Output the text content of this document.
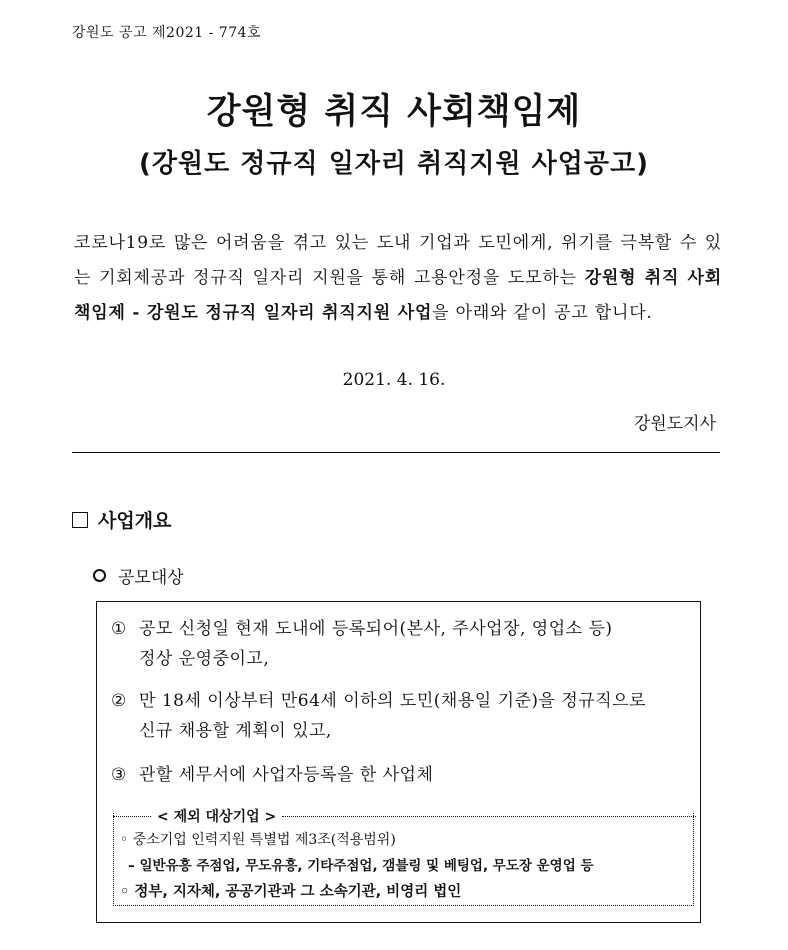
강원도 공고 제2021 - 774호
강원형 취직 사회책임제
(강원도 정규직 일자리 취직지원 사업공고)
코로나19로 많은 어려움을 겪고 있는 도내 기업과 도민에게, 위기를 극복할 수 있는 기회제공과 정규직 일자리 지원을 통해 고용안정을 도모하는 강원형 취직 사회책임제 - 강원도 정규직 일자리 취직지원 사업을 아래와 같이 공고 합니다.
2021. 4. 16.
강원도지사
사업개요
공모대상
① 공모 신청일 현재 도내에 등록되어(본사, 주사업장, 영업소 등)
정상 운영중이고,
② 만 18세 이상부터 만64세 이하의 도민(채용일 기준)을 정규직으로
신규 채용할 계획이 있고,
③ 관할 세무서에 사업자등록을 한 사업체
< 제외 대상기업 >
◦ 중소기업 인력지원 특별법 제3조(적용범위)
– 일반유흥 주점업, 무도유흥, 기타주점업, 갬블링 및 베팅업, 무도장 운영업 등
◦ 정부, 지자체, 공공기관과 그 소속기관, 비영리 법인
